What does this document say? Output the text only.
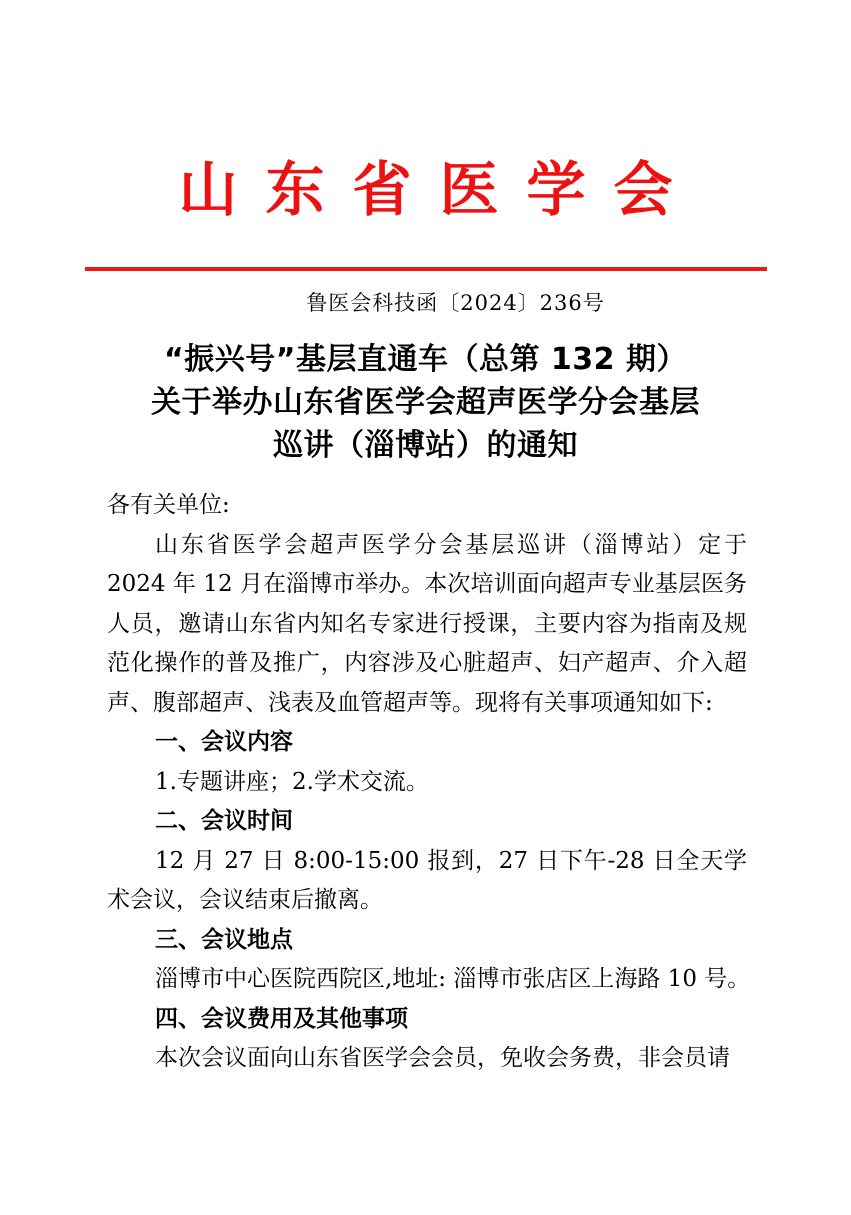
山东省医学会
鲁医会科技函〔2024〕236号
“振兴号”基层直通车（总第 132 期）
关于举办山东省医学会超声医学分会基层
巡讲（淄博站）的通知

各有关单位:

山东省医学会超声医学分会基层巡讲（淄博站）定于 2024 年 12 月在淄博市举办。本次培训面向超声专业基层医务人员，邀请山东省内知名专家进行授课，主要内容为指南及规范化操作的普及推广，内容涉及心脏超声、妇产超声、介入超声、腹部超声、浅表及血管超声等。现将有关事项通知如下:

一、会议内容

1.专题讲座；2.学术交流。

二、会议时间

12 月 27 日 8:00-15:00 报到，27 日下午-28 日全天学术会议，会议结束后撤离。

三、会议地点

淄博市中心医院西院区,地址: 淄博市张店区上海路 10 号。

四、会议费用及其他事项

本次会议面向山东省医学会会员，免收会务费，非会员请
